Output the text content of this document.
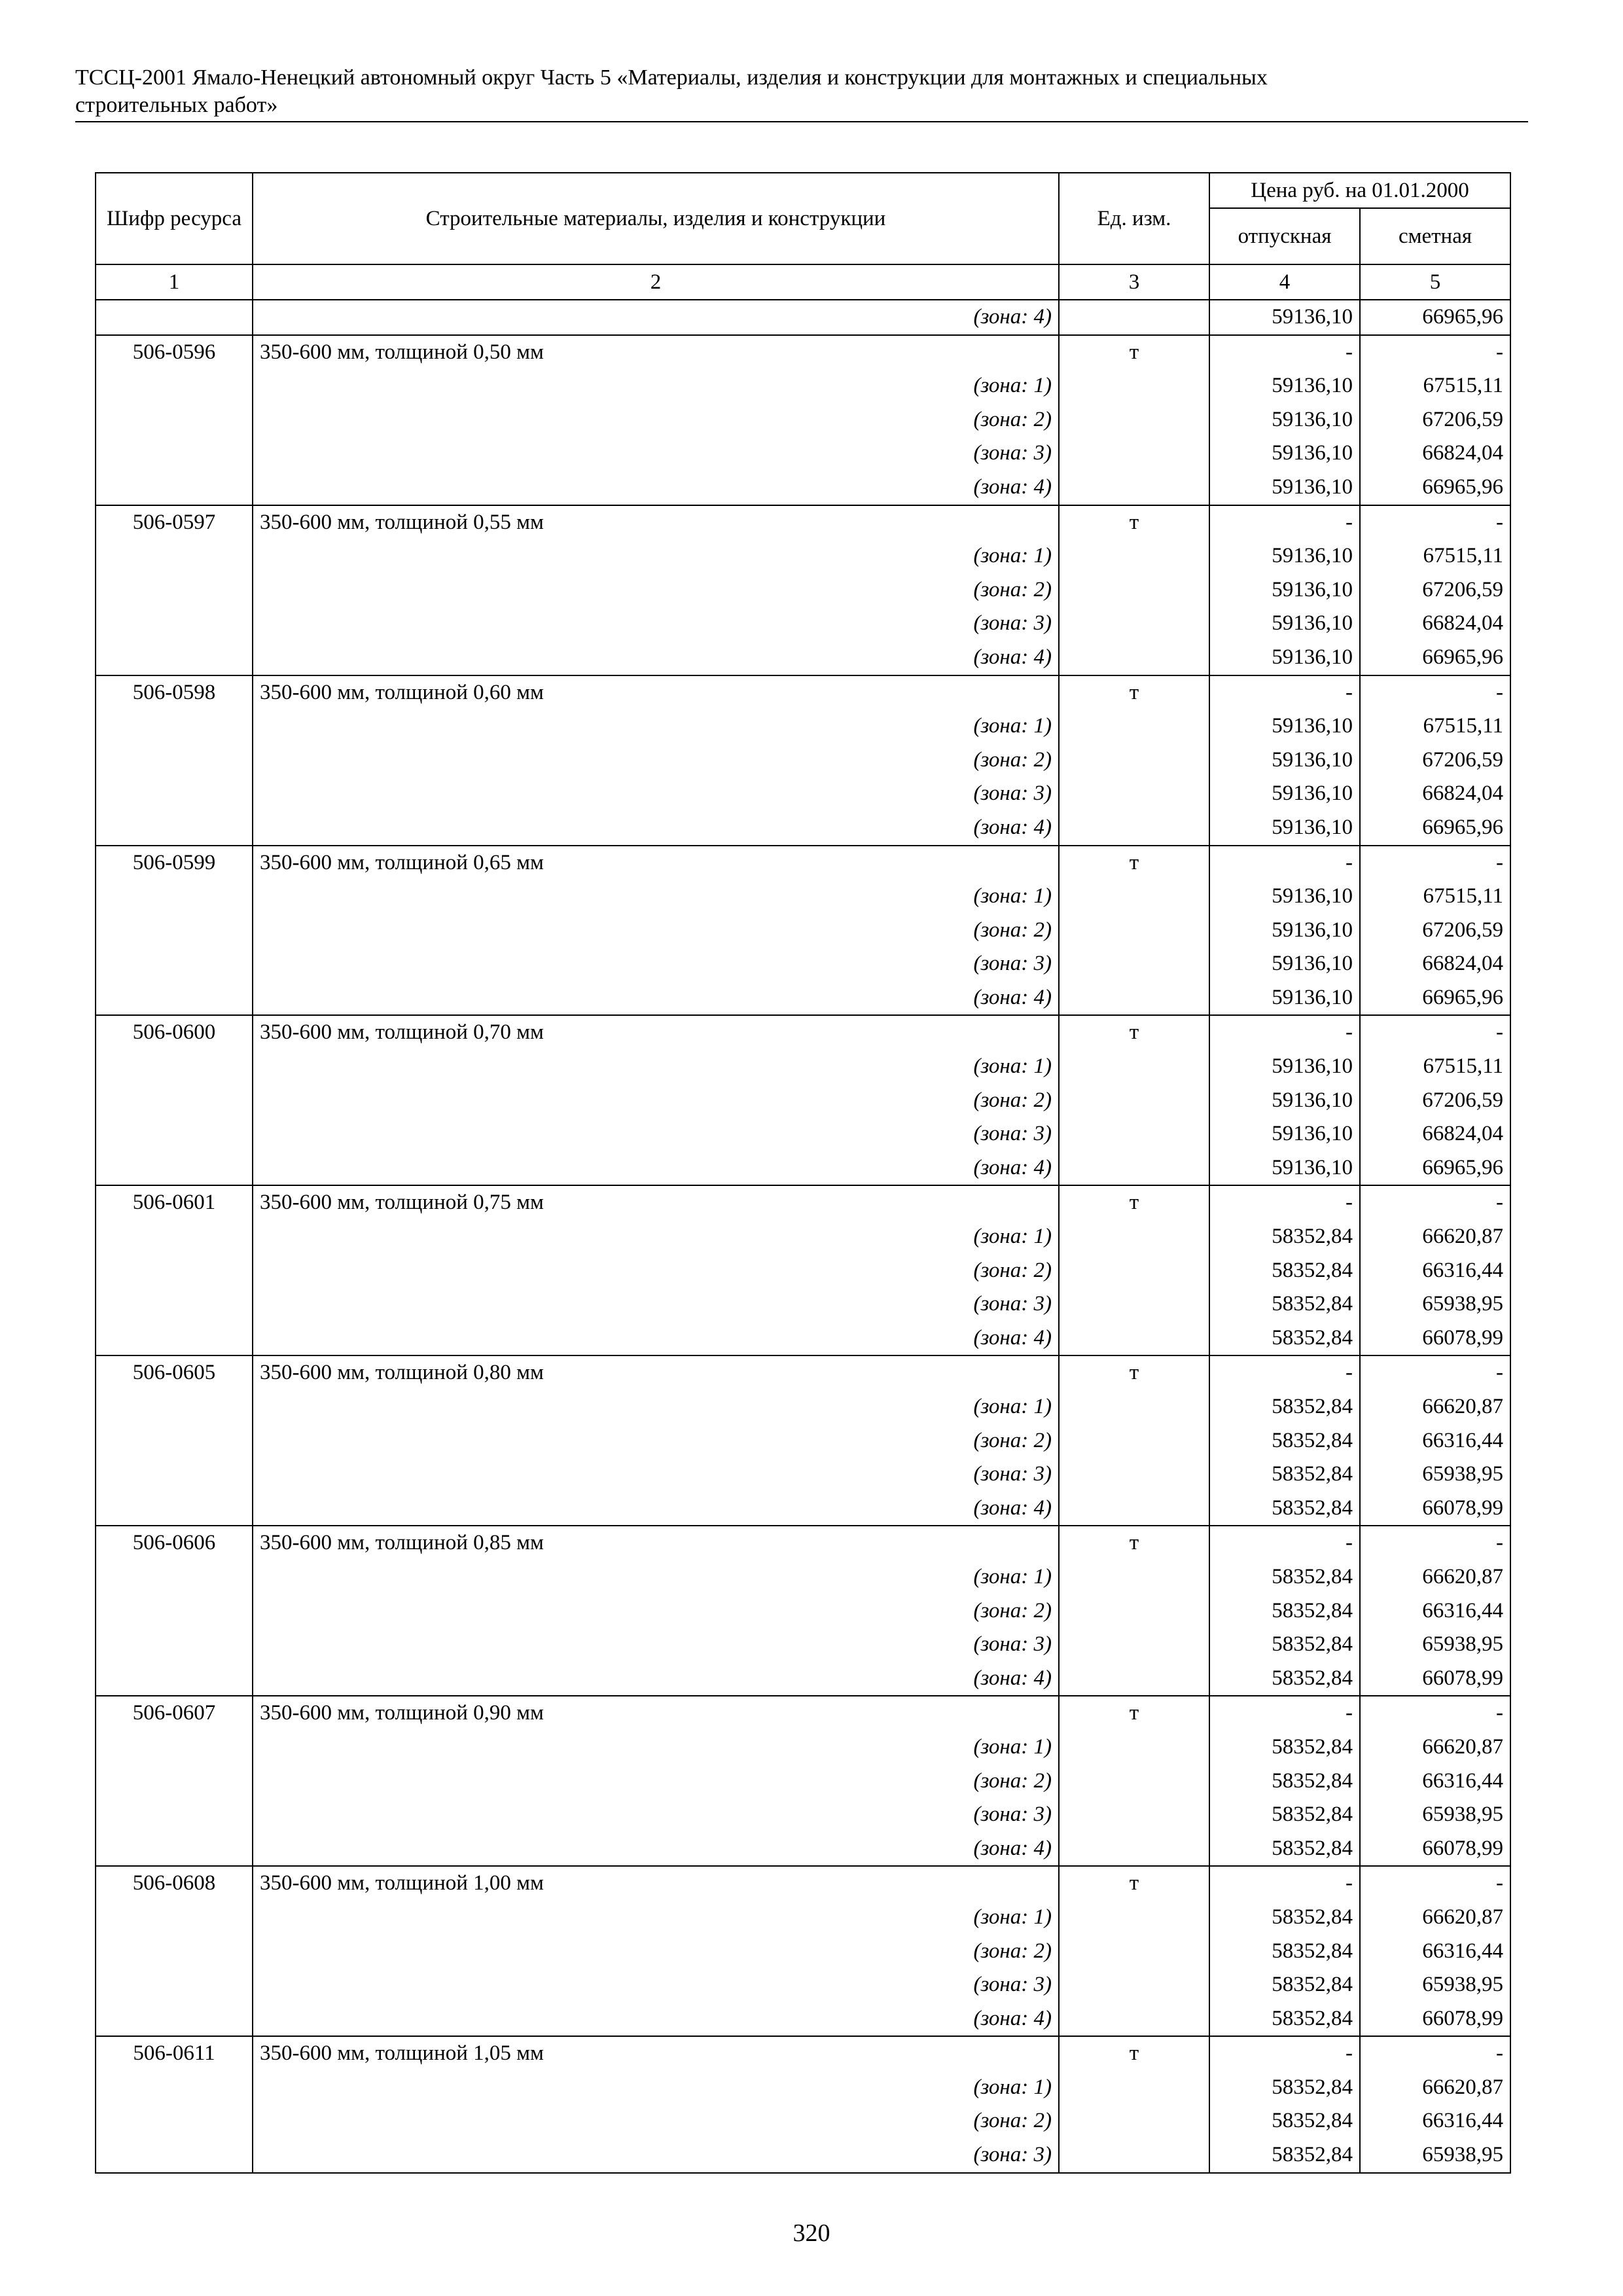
ТССЦ-2001 Ямало-Ненецкий автономный округ Часть 5 «Материалы, изделия и конструкции для монтажных и специальных
строительных работ»
Шифр ресурса	Строительные материалы, изделия и конструкции	Ед. изм.	Цена руб. на 01.01.2000	
			отпускная	сметная
1	2	3	4	5
	(зона: 4)		59136,10	66965,96
506-0596	350-600 мм, толщиной 0,50 мм	т	-	-
	(зона: 1)		59136,10	67515,11
	(зона: 2)		59136,10	67206,59
	(зона: 3)		59136,10	66824,04
	(зона: 4)		59136,10	66965,96
506-0597	350-600 мм, толщиной 0,55 мм	т	-	-
	(зона: 1)		59136,10	67515,11
	(зона: 2)		59136,10	67206,59
	(зона: 3)		59136,10	66824,04
	(зона: 4)		59136,10	66965,96
506-0598	350-600 мм, толщиной 0,60 мм	т	-	-
	(зона: 1)		59136,10	67515,11
	(зона: 2)		59136,10	67206,59
	(зона: 3)		59136,10	66824,04
	(зона: 4)		59136,10	66965,96
506-0599	350-600 мм, толщиной 0,65 мм	т	-	-
	(зона: 1)		59136,10	67515,11
	(зона: 2)		59136,10	67206,59
	(зона: 3)		59136,10	66824,04
	(зона: 4)		59136,10	66965,96
506-0600	350-600 мм, толщиной 0,70 мм	т	-	-
	(зона: 1)		59136,10	67515,11
	(зона: 2)		59136,10	67206,59
	(зона: 3)		59136,10	66824,04
	(зона: 4)		59136,10	66965,96
506-0601	350-600 мм, толщиной 0,75 мм	т	-	-
	(зона: 1)		58352,84	66620,87
	(зона: 2)		58352,84	66316,44
	(зона: 3)		58352,84	65938,95
	(зона: 4)		58352,84	66078,99
506-0605	350-600 мм, толщиной 0,80 мм	т	-	-
	(зона: 1)		58352,84	66620,87
	(зона: 2)		58352,84	66316,44
	(зона: 3)		58352,84	65938,95
	(зона: 4)		58352,84	66078,99
506-0606	350-600 мм, толщиной 0,85 мм	т	-	-
	(зона: 1)		58352,84	66620,87
	(зона: 2)		58352,84	66316,44
	(зона: 3)		58352,84	65938,95
	(зона: 4)		58352,84	66078,99
506-0607	350-600 мм, толщиной 0,90 мм	т	-	-
	(зона: 1)		58352,84	66620,87
	(зона: 2)		58352,84	66316,44
	(зона: 3)		58352,84	65938,95
	(зона: 4)		58352,84	66078,99
506-0608	350-600 мм, толщиной 1,00 мм	т	-	-
	(зона: 1)		58352,84	66620,87
	(зона: 2)		58352,84	66316,44
	(зона: 3)		58352,84	65938,95
	(зона: 4)		58352,84	66078,99
506-0611	350-600 мм, толщиной 1,05 мм	т	-	-
	(зона: 1)		58352,84	66620,87
	(зона: 2)		58352,84	66316,44
	(зона: 3)		58352,84	65938,95
320
